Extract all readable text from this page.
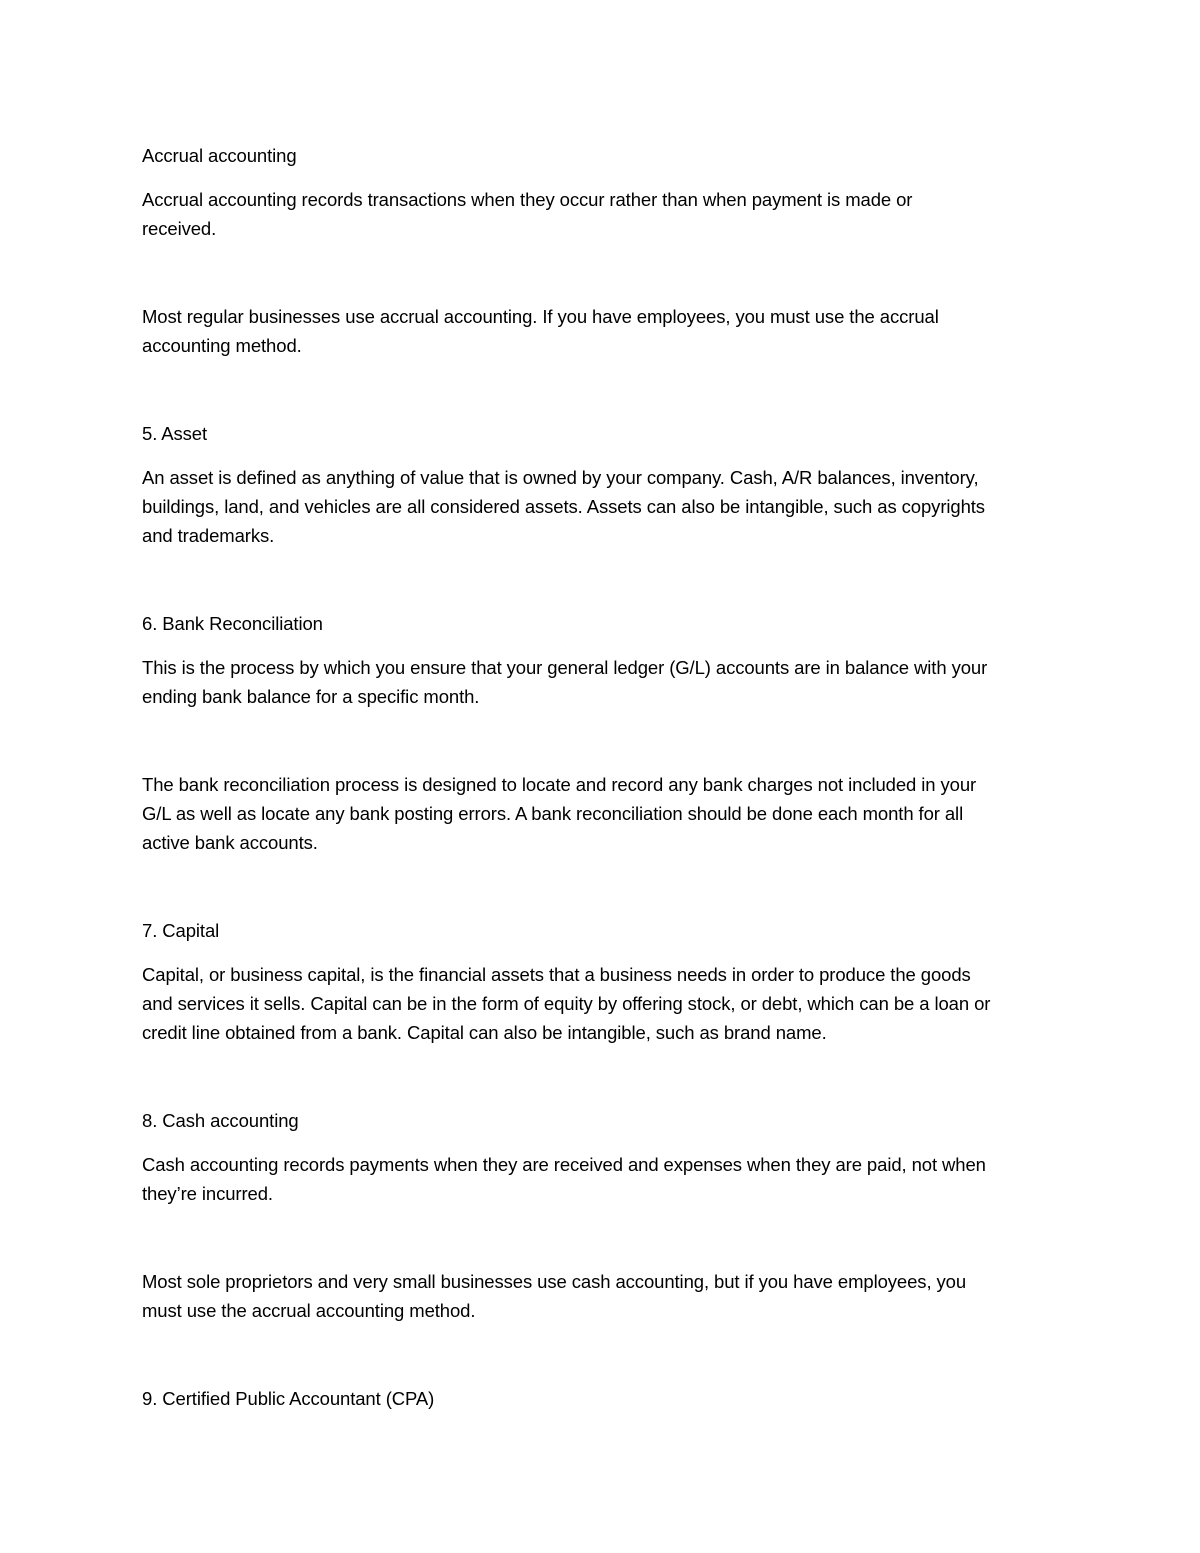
Accrual accounting

Accrual accounting records transactions when they occur rather than when payment is made or

received.

Most regular businesses use accrual accounting. If you have employees, you must use the accrual

accounting method.

5. Asset

An asset is defined as anything of value that is owned by your company. Cash, A/R balances, inventory,

buildings, land, and vehicles are all considered assets. Assets can also be intangible, such as copyrights

and trademarks.

6. Bank Reconciliation

This is the process by which you ensure that your general ledger (G/L) accounts are in balance with your

ending bank balance for a specific month.

The bank reconciliation process is designed to locate and record any bank charges not included in your

G/L as well as locate any bank posting errors. A bank reconciliation should be done each month for all

active bank accounts.

7. Capital

Capital, or business capital, is the financial assets that a business needs in order to produce the goods

and services it sells. Capital can be in the form of equity by offering stock, or debt, which can be a loan or

credit line obtained from a bank. Capital can also be intangible, such as brand name.

8. Cash accounting

Cash accounting records payments when they are received and expenses when they are paid, not when

they’re incurred.

Most sole proprietors and very small businesses use cash accounting, but if you have employees, you

must use the accrual accounting method.

9. Certified Public Accountant (CPA)
